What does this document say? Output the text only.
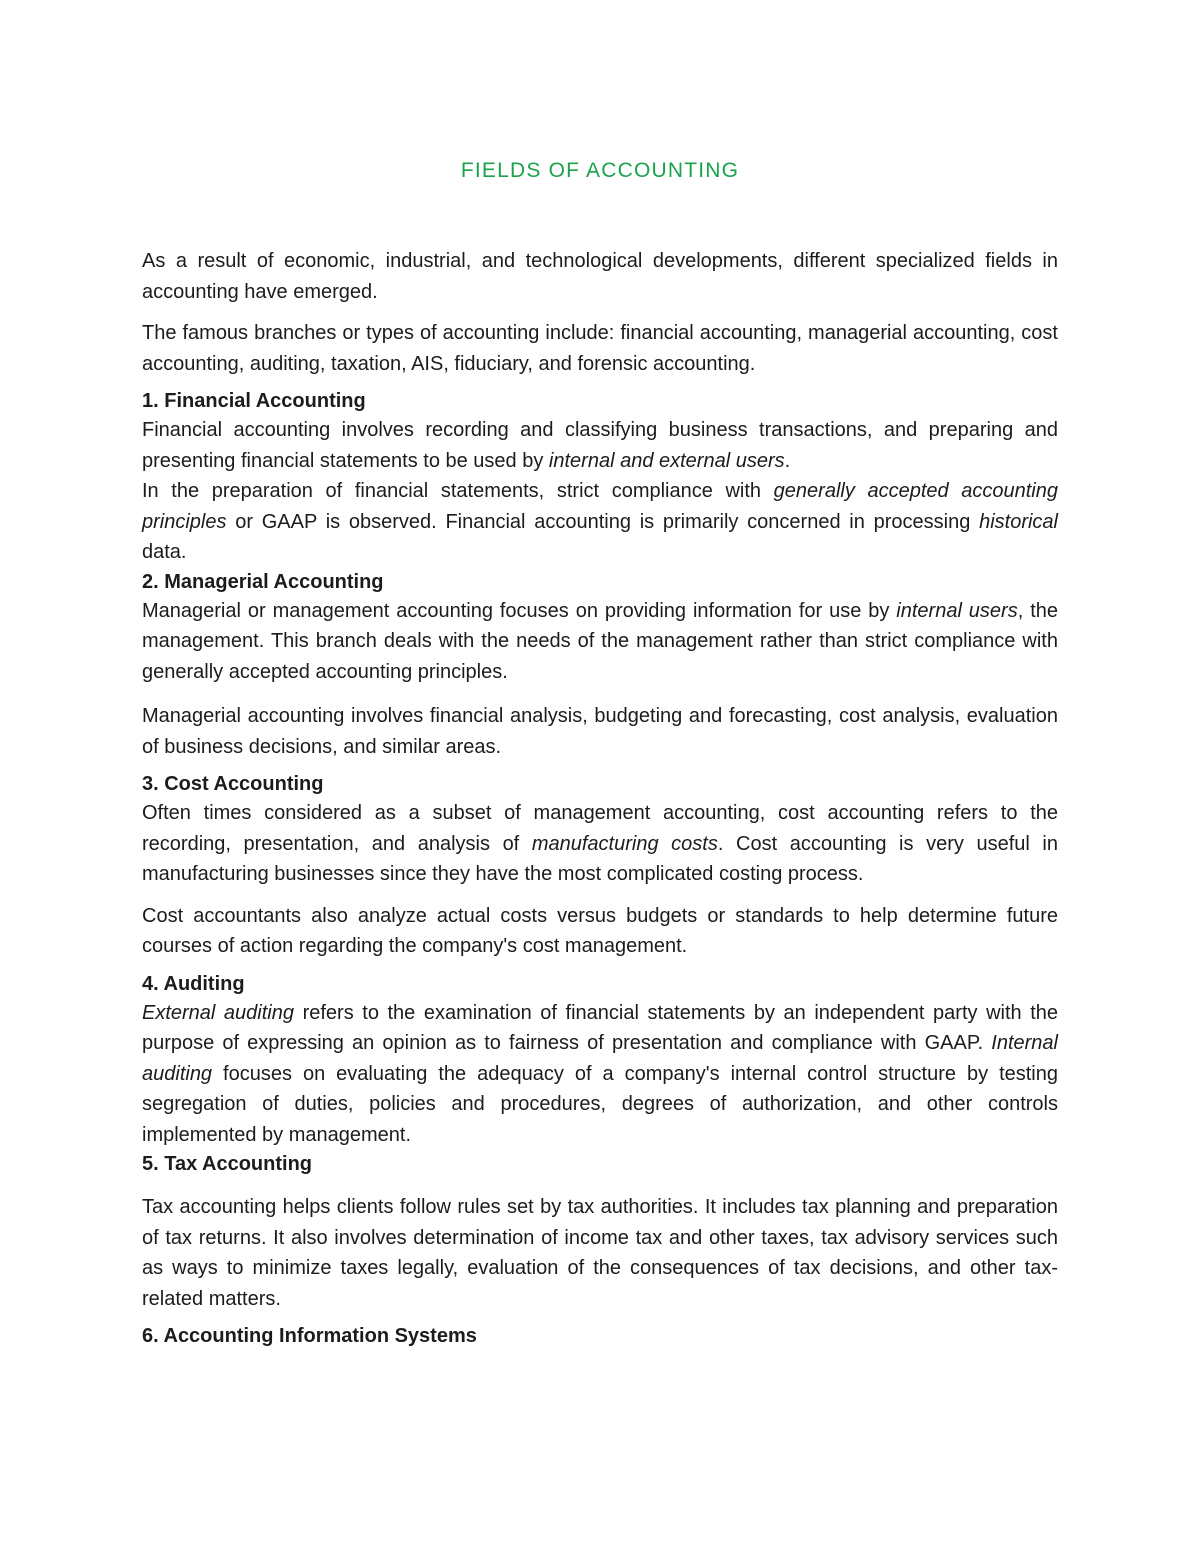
FIELDS OF ACCOUNTING

As a result of economic, industrial, and technological developments, different specialized fields in accounting have emerged.

The famous branches or types of accounting include: financial accounting, managerial accounting, cost accounting, auditing, taxation, AIS, fiduciary, and forensic accounting.

1. Financial Accounting

Financial accounting involves recording and classifying business transactions, and preparing and presenting financial statements to be used by internal and external users.

In the preparation of financial statements, strict compliance with generally accepted accounting principles or GAAP is observed. Financial accounting is primarily concerned in processing historical data.

2. Managerial Accounting

Managerial or management accounting focuses on providing information for use by internal users, the management. This branch deals with the needs of the management rather than strict compliance with generally accepted accounting principles.

Managerial accounting involves financial analysis, budgeting and forecasting, cost analysis, evaluation of business decisions, and similar areas.

3. Cost Accounting

Often times considered as a subset of management accounting, cost accounting refers to the recording, presentation, and analysis of manufacturing costs. Cost accounting is very useful in manufacturing businesses since they have the most complicated costing process.

Cost accountants also analyze actual costs versus budgets or standards to help determine future courses of action regarding the company's cost management.

4. Auditing

External auditing refers to the examination of financial statements by an independent party with the purpose of expressing an opinion as to fairness of presentation and compliance with GAAP. Internal auditing focuses on evaluating the adequacy of a company's internal control structure by testing segregation of duties, policies and procedures, degrees of authorization, and other controls implemented by management.

5. Tax Accounting

Tax accounting helps clients follow rules set by tax authorities. It includes tax planning and preparation of tax returns. It also involves determination of income tax and other taxes, tax advisory services such as ways to minimize taxes legally, evaluation of the consequences of tax decisions, and other tax-related matters.

6. Accounting Information Systems
